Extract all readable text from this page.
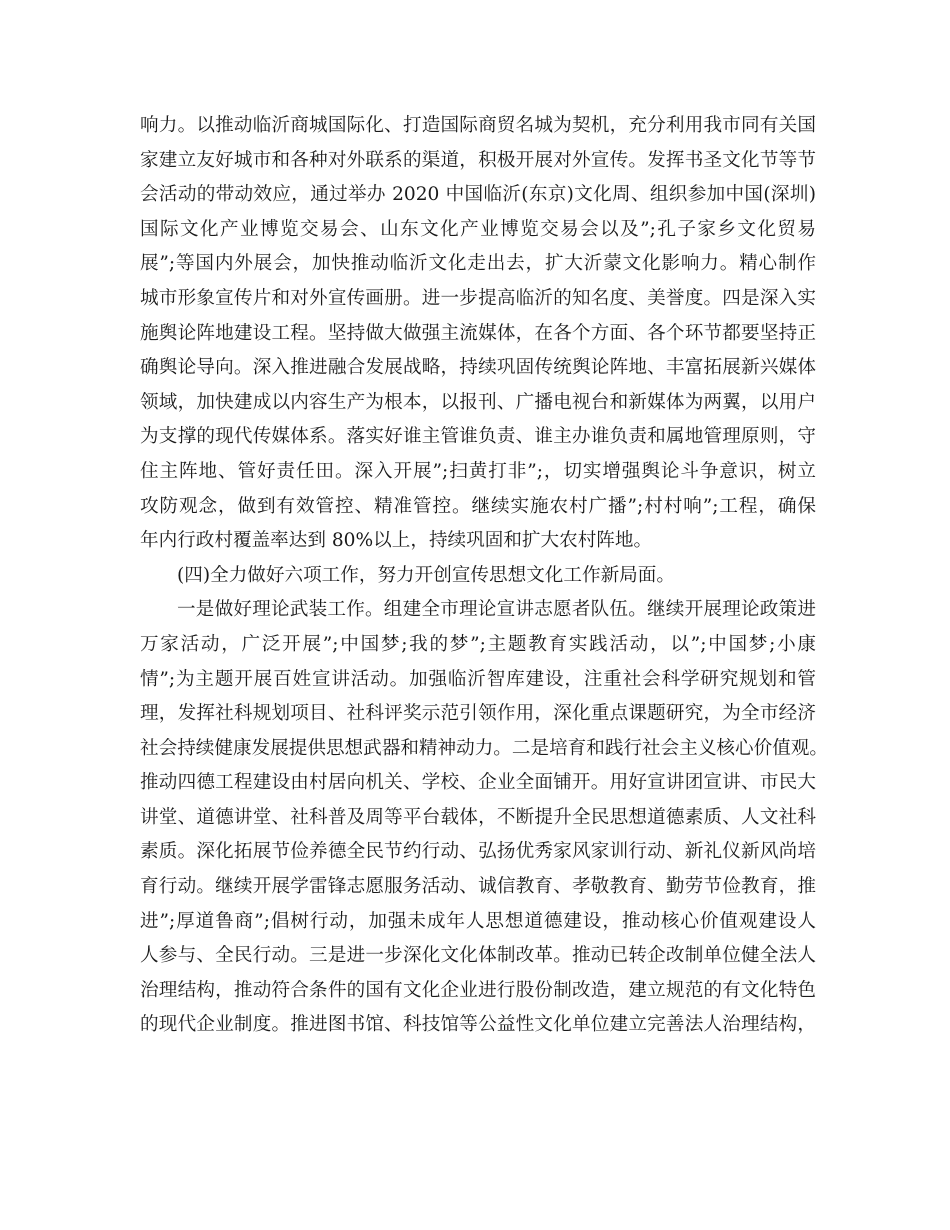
响力。以推动临沂商城国际化、打造国际商贸名城为契机，充分利用我市同有关国
家建立友好城市和各种对外联系的渠道，积极开展对外宣传。发挥书圣文化节等节
会活动的带动效应，通过举办 2020 中国临沂(东京)文化周、组织参加中国(深圳)
国际文化产业博览交易会、山东文化产业博览交易会以及”;孔子家乡文化贸易
展”;等国内外展会，加快推动临沂文化走出去，扩大沂蒙文化影响力。精心制作
城市形象宣传片和对外宣传画册。进一步提高临沂的知名度、美誉度。四是深入实
施舆论阵地建设工程。坚持做大做强主流媒体，在各个方面、各个环节都要坚持正
确舆论导向。深入推进融合发展战略，持续巩固传统舆论阵地、丰富拓展新兴媒体
领域，加快建成以内容生产为根本，以报刊、广播电视台和新媒体为两翼，以用户
为支撑的现代传媒体系。落实好谁主管谁负责、谁主办谁负责和属地管理原则，守
住主阵地、管好责任田。深入开展”;扫黄打非”;，切实增强舆论斗争意识，树立
攻防观念，做到有效管控、精准管控。继续实施农村广播”;村村响”;工程，确保
年内行政村覆盖率达到 80%以上，持续巩固和扩大农村阵地。
(四)全力做好六项工作，努力开创宣传思想文化工作新局面。
一是做好理论武装工作。组建全市理论宣讲志愿者队伍。继续开展理论政策进
万家活动，广泛开展”;中国梦;我的梦”;主题教育实践活动，以”;中国梦;小康
情”;为主题开展百姓宣讲活动。加强临沂智库建设，注重社会科学研究规划和管
理，发挥社科规划项目、社科评奖示范引领作用，深化重点课题研究，为全市经济
社会持续健康发展提供思想武器和精神动力。二是培育和践行社会主义核心价值观。
推动四德工程建设由村居向机关、学校、企业全面铺开。用好宣讲团宣讲、市民大
讲堂、道德讲堂、社科普及周等平台载体，不断提升全民思想道德素质、人文社科
素质。深化拓展节俭养德全民节约行动、弘扬优秀家风家训行动、新礼仪新风尚培
育行动。继续开展学雷锋志愿服务活动、诚信教育、孝敬教育、勤劳节俭教育，推
进”;厚道鲁商”;倡树行动，加强未成年人思想道德建设，推动核心价值观建设人
人参与、全民行动。三是进一步深化文化体制改革。推动已转企改制单位健全法人
治理结构，推动符合条件的国有文化企业进行股份制改造，建立规范的有文化特色
的现代企业制度。推进图书馆、科技馆等公益性文化单位建立完善法人治理结构，
